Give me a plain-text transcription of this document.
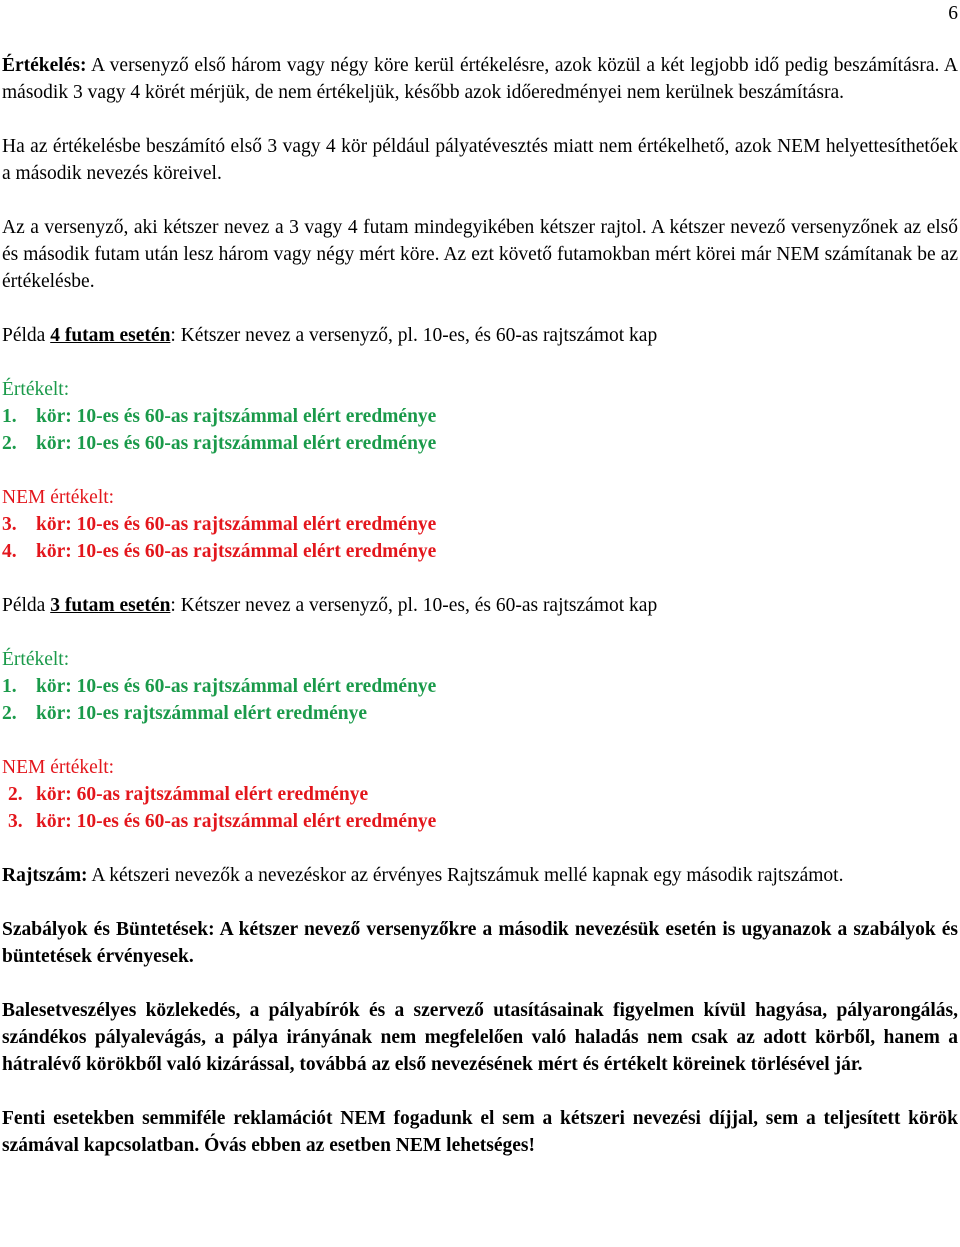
6

Értékelés: A versenyző első három vagy négy köre kerül értékelésre, azok közül a két legjobb idő pedig beszámításra. A második 3 vagy 4 körét mérjük, de nem értékeljük, később azok időeredményei nem kerülnek beszámításra.

Ha az értékelésbe beszámító első 3 vagy 4 kör például pályatévesztés miatt nem értékelhető, azok NEM helyettesíthetőek a második nevezés köreivel.

Az a versenyző, aki kétszer nevez a 3 vagy 4 futam mindegyikében kétszer rajtol. A kétszer nevező versenyzőnek az első és második futam után lesz három vagy négy mért köre. Az ezt követő futamokban mért körei már NEM számítanak be az értékelésbe.

Példa 4 futam esetén: Kétszer nevez a versenyző, pl. 10-es, és 60-as rajtszámot kap

Értékelt:

1. kör: 10-es és 60-as rajtszámmal elért eredménye

2. kör: 10-es és 60-as rajtszámmal elért eredménye

NEM értékelt:

3. kör: 10-es és 60-as rajtszámmal elért eredménye

4. kör: 10-es és 60-as rajtszámmal elért eredménye

Példa 3 futam esetén: Kétszer nevez a versenyző, pl. 10-es, és 60-as rajtszámot kap

Értékelt:

1. kör: 10-es és 60-as rajtszámmal elért eredménye

2. kör: 10-es rajtszámmal elért eredménye

NEM értékelt:

2. kör: 60-as rajtszámmal elért eredménye

3. kör: 10-es és 60-as rajtszámmal elért eredménye

Rajtszám: A kétszeri nevezők a nevezéskor az érvényes Rajtszámuk mellé kapnak egy második rajtszámot.

Szabályok és Büntetések: A kétszer nevező versenyzőkre a második nevezésük esetén is ugyanazok a szabályok és büntetések érvényesek.

Balesetveszélyes közlekedés, a pályabírók és a szervező utasításainak figyelmen kívül hagyása, pályarongálás, szándékos pályalevágás, a pálya irányának nem megfelelően való haladás nem csak az adott körből, hanem a hátralévő körökből való kizárással, továbbá az első nevezésének mért és értékelt köreinek törlésével jár.

Fenti esetekben semmiféle reklamációt NEM fogadunk el sem a kétszeri nevezési díjjal, sem a teljesített körök számával kapcsolatban. Óvás ebben az esetben NEM lehetséges!
